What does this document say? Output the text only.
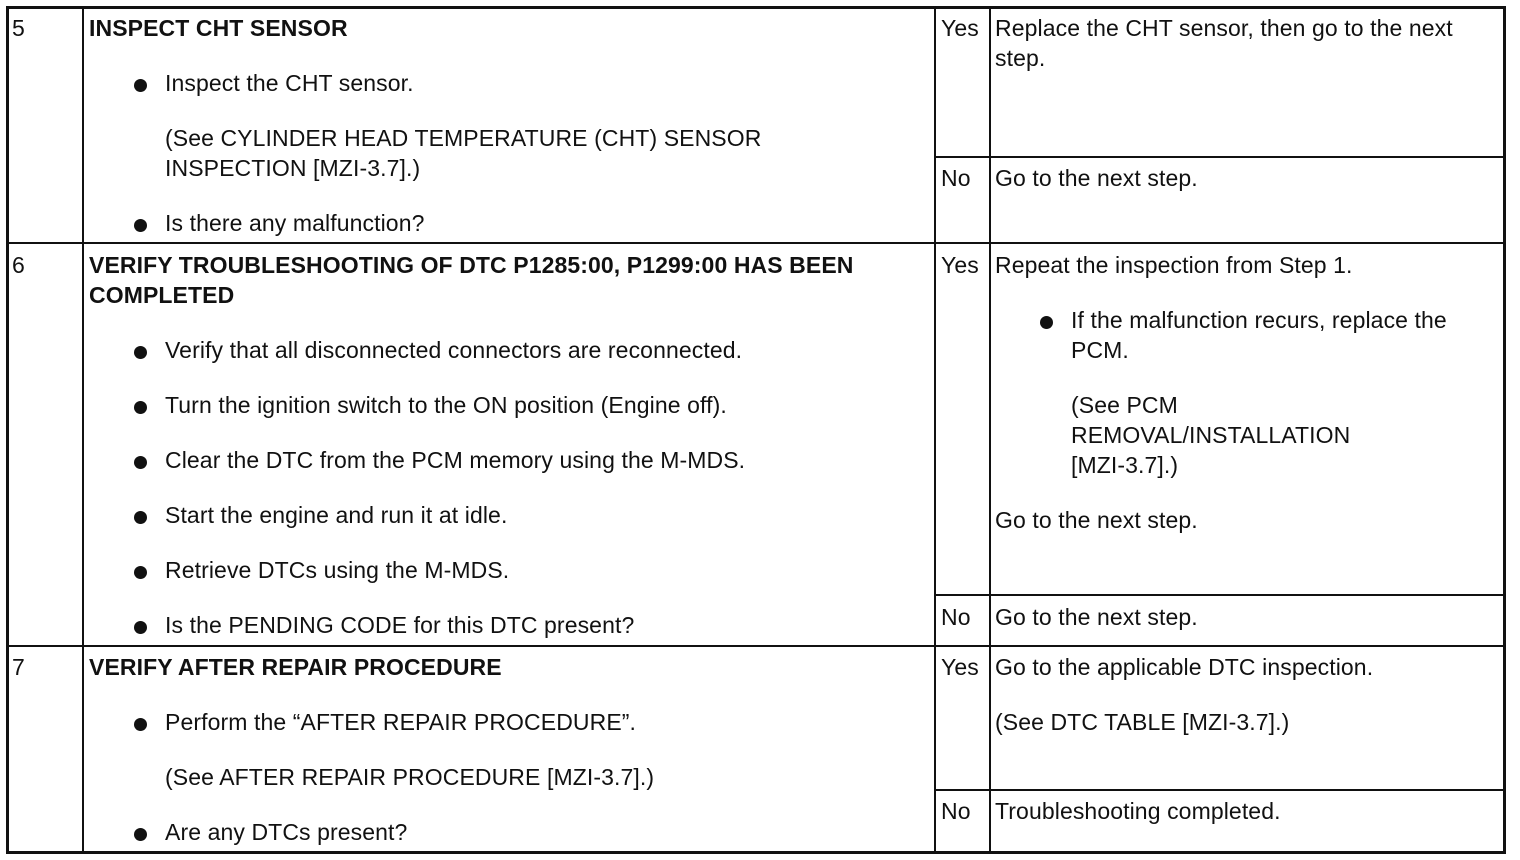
5	INSPECT CHT SENSOR
Inspect the CHT sensor.
(See CYLINDER HEAD TEMPERATURE (CHT) SENSOR
INSPECTION [MZI-3.7].)
Is there any malfunction?
Yes Replace the CHT sensor, then go to the next
step.
No Go to the next step.
6	VERIFY TROUBLESHOOTING OF DTC P1285:00, P1299:00 HAS BEEN
COMPLETED
Verify that all disconnected connectors are reconnected.
Turn the ignition switch to the ON position (Engine off).
Clear the DTC from the PCM memory using the M-MDS.
Start the engine and run it at idle.
Retrieve DTCs using the M-MDS.
Is the PENDING CODE for this DTC present?
Yes Repeat the inspection from Step 1.
If the malfunction recurs, replace the
PCM.
(See PCM
REMOVAL/INSTALLATION
[MZI-3.7].)
Go to the next step.
No Go to the next step.
7	VERIFY AFTER REPAIR PROCEDURE
Perform the “AFTER REPAIR PROCEDURE”.
(See AFTER REPAIR PROCEDURE [MZI-3.7].)
Are any DTCs present?
Yes Go to the applicable DTC inspection.
(See DTC TABLE [MZI-3.7].)
No Troubleshooting completed.
